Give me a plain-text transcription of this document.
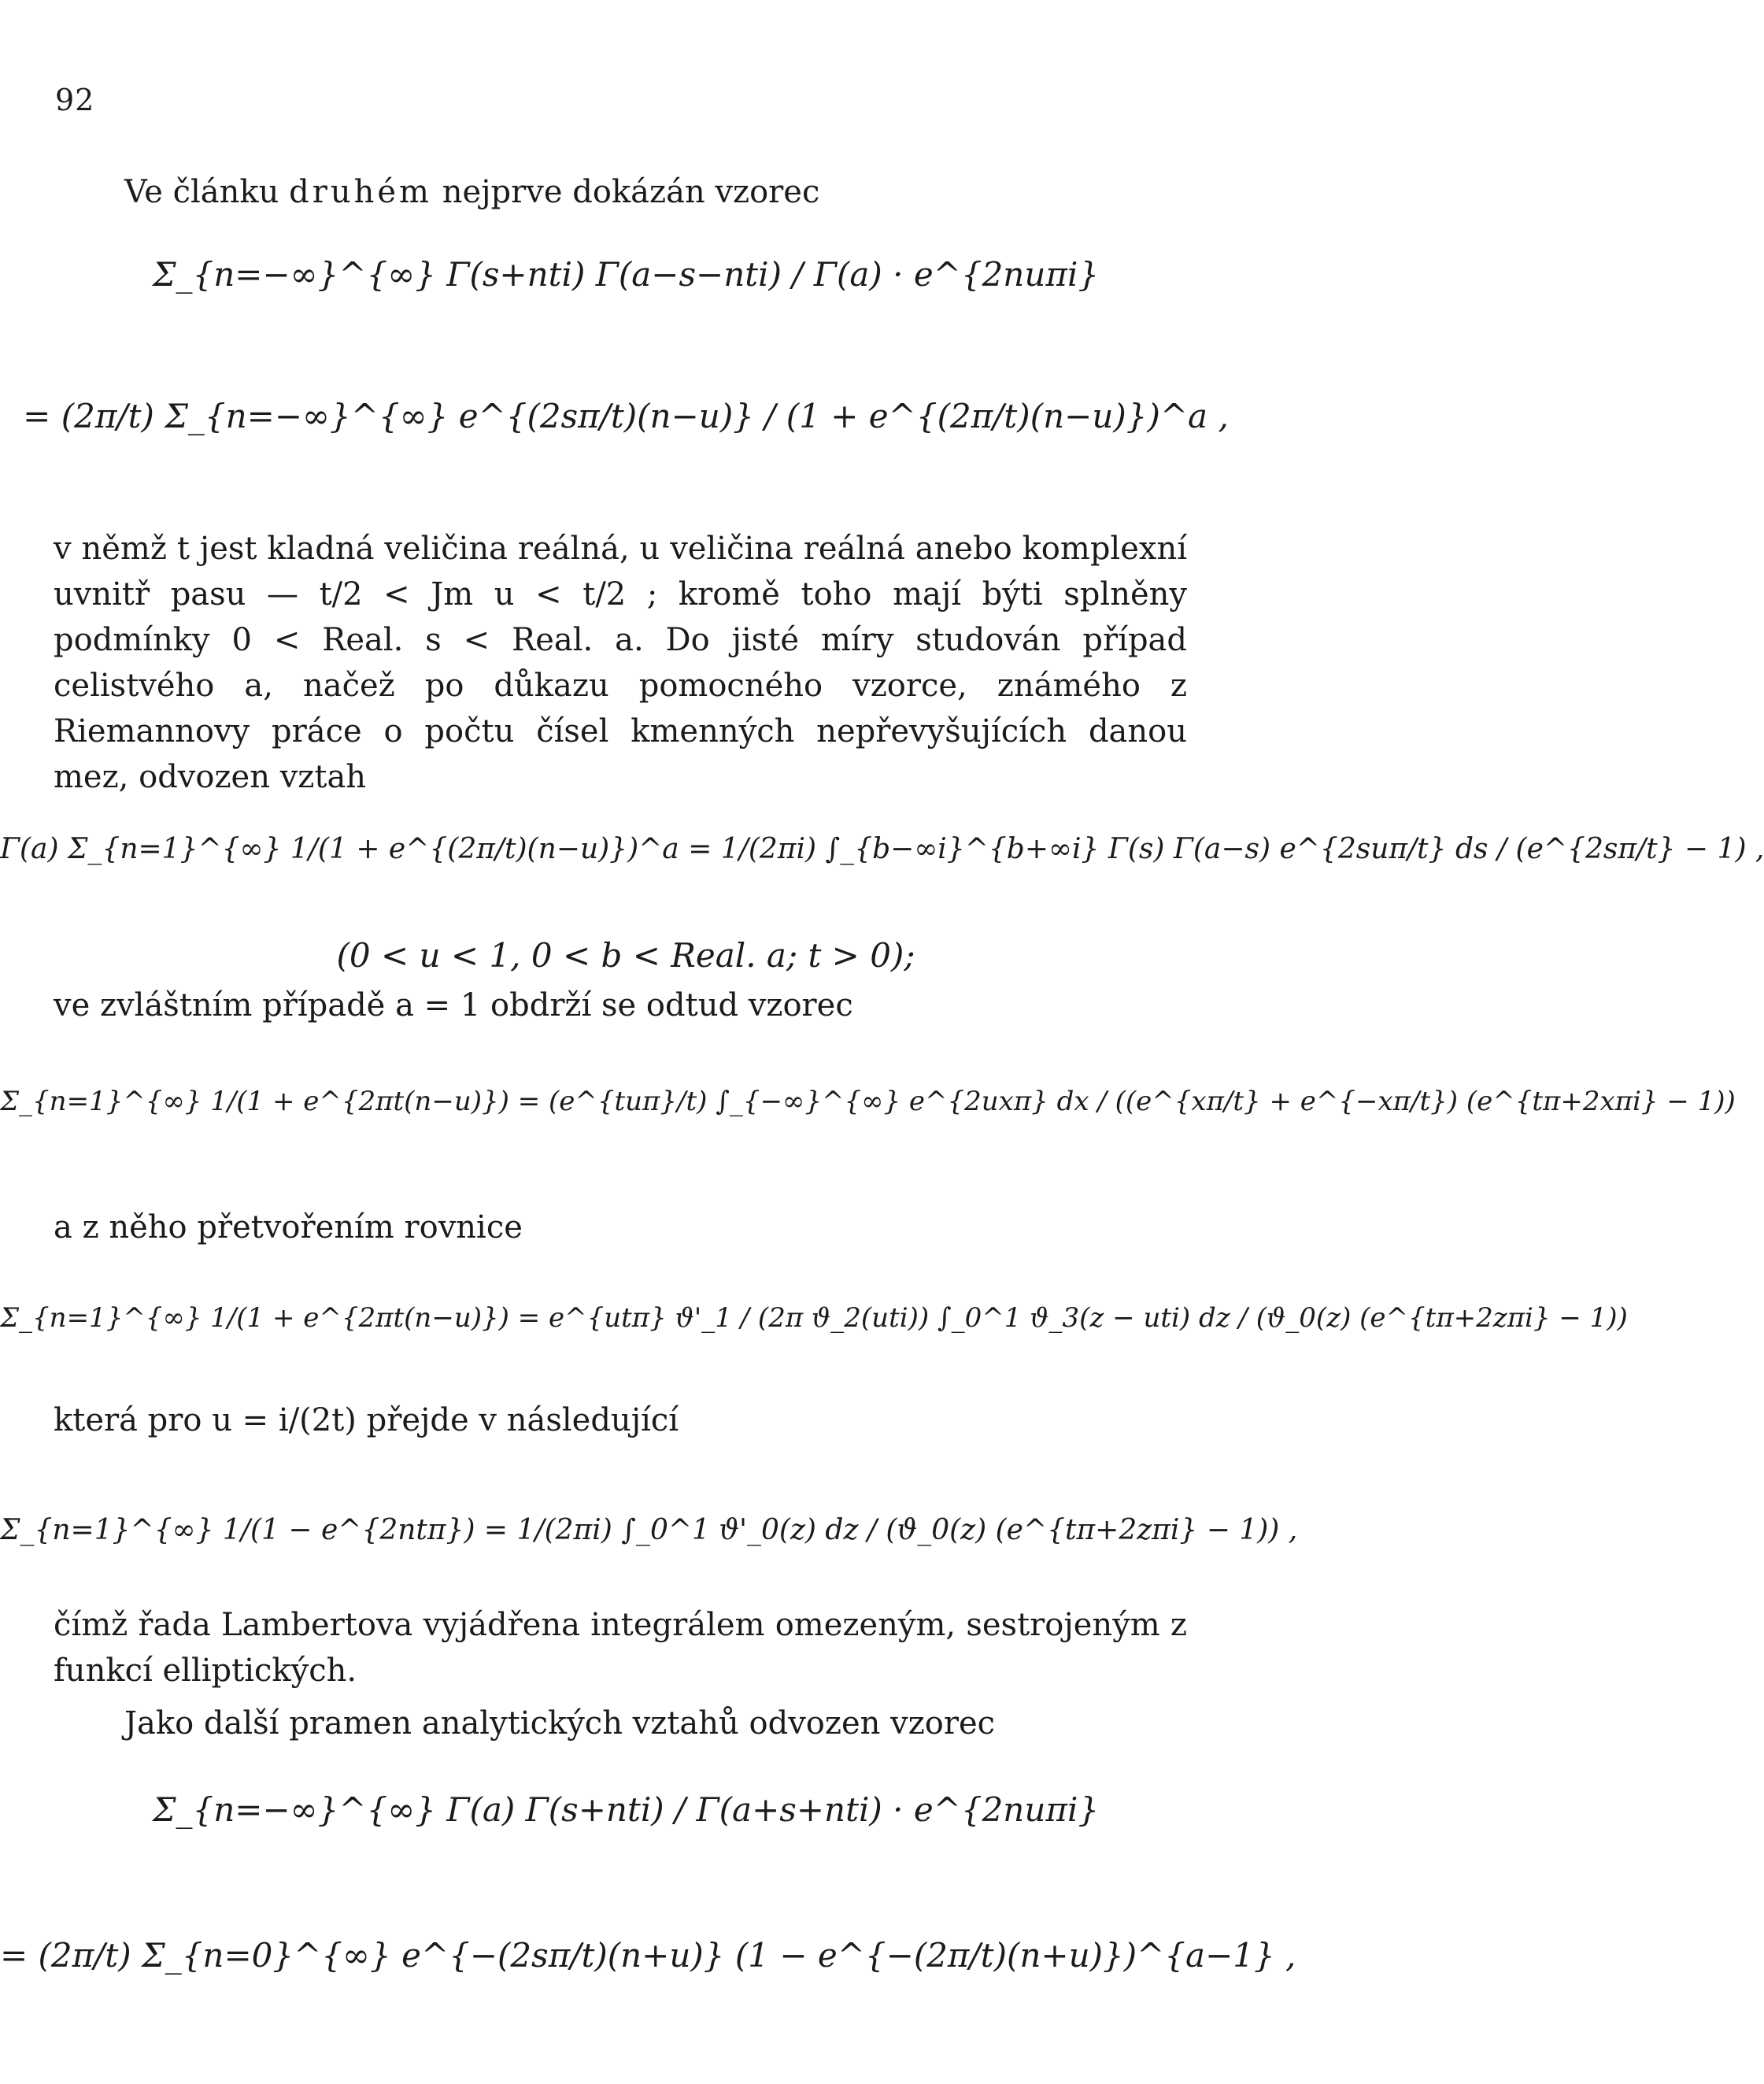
92

Ve článku druhém nejprve dokázán vzorec

Σ_{n=−∞}^{∞} Γ(s+nti) Γ(a−s−nti) / Γ(a) · e^{2nuπi}
= (2π/t) Σ_{n=−∞}^{∞} e^{(2sπ/t)(n−u)} / (1 + e^{(2π/t)(n−u)})^a ,

v němž t jest kladná veličina reálná, u veličina reálná anebo komplexní uvnitř pasu — t/2 < Jm u < t/2 ; kromě toho mají býti splněny podmínky 0 < Real. s < Real. a. Do jisté míry studován případ celistvého a, načež po důkazu pomocného vzorce, známého z Riemannovy práce o počtu čísel kmenných nepřevyšujících danou mez, odvozen vztah

Γ(a) Σ_{n=1}^{∞} 1/(1 + e^{(2π/t)(n−u)})^a = 1/(2πi) ∫_{b−∞i}^{b+∞i} Γ(s) Γ(a−s) e^{2suπ/t} ds / (e^{2sπ/t} − 1) ,
(0 < u < 1, 0 < b < Real. a; t > 0);

ve zvláštním případě a = 1 obdrží se odtud vzorec

Σ_{n=1}^{∞} 1/(1 + e^{2πt(n−u)}) = (e^{tuπ}/t) ∫_{−∞}^{∞} e^{2uxπ} dx / ((e^{xπ/t} + e^{−xπ/t}) (e^{tπ+2xπi} − 1))

a z něho přetvořením rovnice

Σ_{n=1}^{∞} 1/(1 + e^{2πt(n−u)}) = e^{utπ} ϑ'_1 / (2π ϑ_2(uti)) ∫_0^1 ϑ_3(z − uti) dz / (ϑ_0(z) (e^{tπ+2zπi} − 1))

která pro u = i/(2t) přejde v následující

Σ_{n=1}^{∞} 1/(1 − e^{2ntπ}) = 1/(2πi) ∫_0^1 ϑ'_0(z) dz / (ϑ_0(z) (e^{tπ+2zπi} − 1)) ,

čímž řada Lambertova vyjádřena integrálem omezeným, sestrojeným z funkcí elliptických.

Jako další pramen analytických vztahů odvozen vzorec

Σ_{n=−∞}^{∞} Γ(a) Γ(s+nti) / Γ(a+s+nti) · e^{2nuπi}
= (2π/t) Σ_{n=0}^{∞} e^{−(2sπ/t)(n+u)} (1 − e^{−(2π/t)(n+u)})^{a−1} ,
